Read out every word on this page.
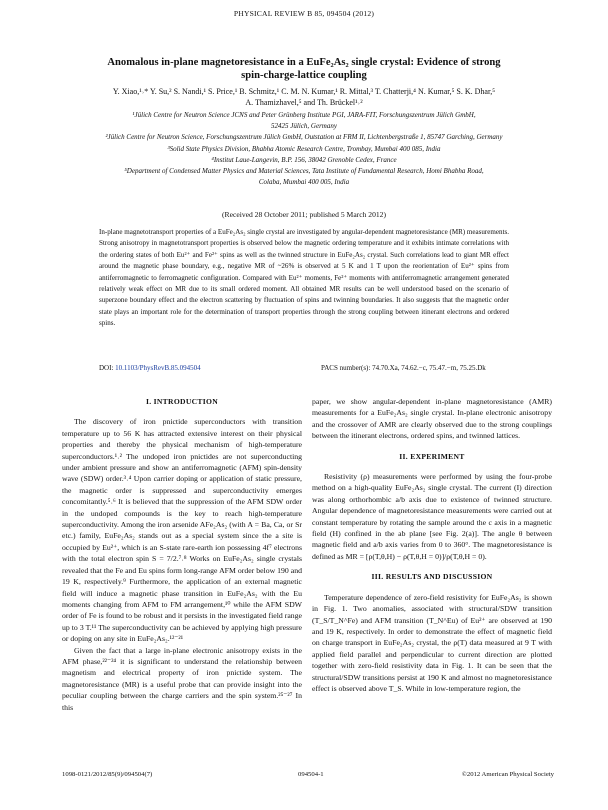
PHYSICAL REVIEW B 85, 094504 (2012)
Anomalous in-plane magnetoresistance in a EuFe₂As₂ single crystal: Evidence of strong
spin-charge-lattice coupling
Y. Xiao,¹˒* Y. Su,² S. Nandi,¹ S. Price,¹ B. Schmitz,¹ C. M. N. Kumar,¹ R. Mittal,³ T. Chatterji,⁴ N. Kumar,⁵ S. K. Dhar,⁵
A. Thamizhavel,⁵ and Th. Brückel¹˒²
¹Jülich Centre for Neutron Science JCNS and Peter Grünberg Institute PGI, JARA-FIT, Forschungszentrum Jülich GmbH,
52425 Jülich, Germany
²Jülich Centre for Neutron Science, Forschungszentrum Jülich GmbH, Outstation at FRM II, Lichtenbergstraße 1, 85747 Garching, Germany
³Solid State Physics Division, Bhabha Atomic Research Centre, Trombay, Mumbai 400 085, India
⁴Institut Laue-Langevin, B.P. 156, 38042 Grenoble Cedex, France
⁵Department of Condensed Matter Physics and Material Sciences, Tata Institute of Fundamental Research, Homi Bhabha Road,
Colaba, Mumbai 400 005, India
(Received 28 October 2011; published 5 March 2012)
In-plane magnetotransport properties of a EuFe₂As₂ single crystal are investigated by angular-dependent magnetoresistance (MR) measurements. Strong anisotropy in magnetotransport properties is observed below the magnetic ordering temperature and it exhibits intimate correlations with the ordering states of both Eu²⁺ and Fe²⁺ spins as well as the twinned structure in EuFe₂As₂ crystal. Such correlations lead to giant MR effect around the magnetic phase boundary, e.g., negative MR of ~26% is observed at 5 K and 1 T upon the reorientation of Eu²⁺ spins from antiferromagnetic to ferromagnetic configuration. Compared with Eu²⁺ moments, Fe²⁺ moments with antiferromagnetic arrangement generated relatively weak effect on MR due to its small ordered moment. All obtained MR results can be well understood based on the scenario of superzone boundary effect and the electron scattering by fluctuation of spins and twinning boundaries. It also suggests that the magnetic order state plays an important role for the determination of transport properties through the strong coupling between itinerant electrons and ordered spins.
DOI: 10.1103/PhysRevB.85.094504	PACS number(s): 74.70.Xa, 74.62.−c, 75.47.−m, 75.25.Dk
I. INTRODUCTION

The discovery of iron pnictide superconductors with transition temperature up to 56 K has attracted extensive interest on their physical properties and thereby the physical mechanism of high-temperature superconductors.¹˒² The undoped iron pnictides are not superconducting under ambient pressure and show an antiferromagnetic (AFM) spin-density wave (SDW) order.³˒⁴ Upon carrier doping or application of static pressure, the magnetic order is suppressed and superconductivity emerges concomitantly.⁵˒⁶ It is believed that the suppression of the AFM SDW order in the undoped compounds is the key to reach high-temperature superconductivity. Among the iron arsenide AFe₂As₂ (with A = Ba, Ca, or Sr etc.) family, EuFe₂As₂ stands out as a special system since the a site is occupied by Eu²⁺, which is an S-state rare-earth ion possessing 4f⁷ electrons with the total electron spin S = 7/2.⁷˒⁸ Works on EuFe₂As₂ single crystals revealed that the Fe and Eu spins form long-range AFM order below 190 and 19 K, respectively.⁹ Furthermore, the application of an external magnetic field will induce a magnetic phase transition in EuFe₂As₂ with the Eu moments changing from AFM to FM arrangement,¹⁰ while the AFM SDW order of Fe is found to be robust and it persists in the investigated field range up to 3 T.¹¹ The superconductivity can be achieved by applying high pressure or doping on any site in EuFe₂As₂.¹²⁻²¹

Given the fact that a large in-plane electronic anisotropy exists in the AFM phase,²²⁻²⁴ it is significant to understand the relationship between magnetism and electrical property of iron pnictide system. The magnetoresistance (MR) is a useful probe that can provide insight into the peculiar coupling between the charge carriers and the spin system.²⁵⁻²⁷ In this

paper, we show angular-dependent in-plane magnetoresistance (AMR) measurements for a EuFe₂As₂ single crystal. In-plane electronic anisotropy and the crossover of AMR are clearly observed due to the strong couplings between the itinerant electrons, ordered spins, and twinned lattices.

II. EXPERIMENT

Resistivity (ρ) measurements were performed by using the four-probe method on a high-quality EuFe₂As₂ single crystal. The current (I) direction was along orthorhombic a/b axis due to existence of twinned structure. Angular dependence of magnetoresistance measurements were carried out at constant temperature by rotating the sample around the c axis in a magnetic field (H) confined in the ab plane [see Fig. 2(a)]. The angle θ between magnetic field and a/b axis varies from 0 to 360°. The magnetoresistance is defined as MR = [ρ(T,θ,H) − ρ(T,θ,H = 0)]/ρ(T,θ,H = 0).

III. RESULTS AND DISCUSSION

Temperature dependence of zero-field resistivity for EuFe₂As₂ is shown in Fig. 1. Two anomalies, associated with structural/SDW transition (T_S/T_N^Fe) and AFM transition (T_N^Eu) of Eu²⁺ are observed at 190 and 19 K, respectively. In order to demonstrate the effect of magnetic field on charge transport in EuFe₂As₂ crystal, the ρ(T) data measured at 9 T with applied field parallel and perpendicular to current direction are plotted together with zero-field resistivity data in Fig. 1. It can be seen that the structural/SDW transitions persist at 190 K and almost no magnetoresistance effect is observed above T_S. While in low-temperature region, the

1098-0121/2012/85(9)/094504(7)	094504-1	©2012 American Physical Society
